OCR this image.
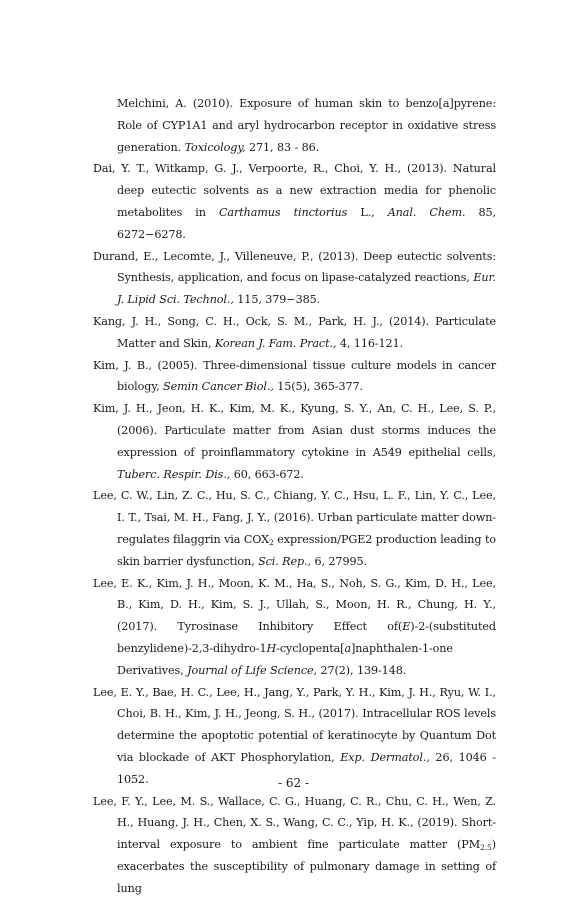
Melchini, A. (2010). Exposure of human skin to benzo[a]pyrene: Role of CYP1A1 and aryl hydrocarbon receptor in oxidative stress generation. Toxicology, 271, 83 - 86.

Dai, Y. T., Witkamp, G. J., Verpoorte, R., Choi, Y. H., (2013). Natural deep eutectic solvents as a new extraction media for phenolic metabolites in Carthamus tinctorius L., Anal. Chem. 85, 6272−6278.

Durand, E., Lecomte, J., Villeneuve, P., (2013). Deep eutectic solvents: Synthesis, application, and focus on lipase-catalyzed reactions, Eur. J. Lipid Sci. Technol., 115, 379−385.

Kang, J. H., Song, C. H., Ock, S. M., Park, H. J., (2014). Particulate Matter and Skin, Korean J. Fam. Pract., 4, 116-121.

Kim, J. B., (2005). Three-dimensional tissue culture models in cancer biology, Semin Cancer Biol., 15(5), 365-377.

Kim, J. H., Jeon, H. K., Kim, M. K., Kyung, S. Y., An, C. H., Lee, S. P., (2006). Particulate matter from Asian dust storms induces the expression of proinflammatory cytokine in A549 epithelial cells, Tuberc. Respir. Dis., 60, 663-672.

Lee, C. W., Lin, Z. C., Hu, S. C., Chiang, Y. C., Hsu, L. F., Lin, Y. C., Lee, I. T., Tsai, M. H., Fang, J. Y., (2016). Urban particulate matter down-regulates filaggrin via $COX_2$ expression/PGE2 production leading to skin barrier dysfunction, Sci. Rep., 6, 27995.

Lee, E. K., Kim, J. H., Moon, K. M., Ha, S., Noh, S. G., Kim, D. H., Lee, B., Kim, D. H., Kim, S. J., Ullah, S., Moon, H. R., Chung, H. Y., (2017). Tyrosinase Inhibitory Effect of(E)-2-(substituted benzylidene)-2,3-dihydro-1H-cyclopenta[a]naphthalen-1-one Derivatives, Journal of Life Science, 27(2), 139-148.

Lee, E. Y., Bae, H. C., Lee, H., Jang, Y., Park, Y. H., Kim, J. H., Ryu, W. I., Choi, B. H., Kim, J. H., Jeong, S. H., (2017). Intracellular ROS levels determine the apoptotic potential of keratinocyte by Quantum Dot via blockade of AKT Phosphorylation, Exp. Dermatol., 26, 1046 - 1052.

Lee, F. Y., Lee, M. S., Wallace, C. G., Huang, C. R., Chu, C. H., Wen, Z. H., Huang, J. H., Chen, X. S., Wang, C. C., Yip, H. K., (2019). Short-interval exposure to ambient fine particulate matter $(PM_{2.5})$ exacerbates the susceptibility of pulmonary damage in setting of lung

- 62 -
